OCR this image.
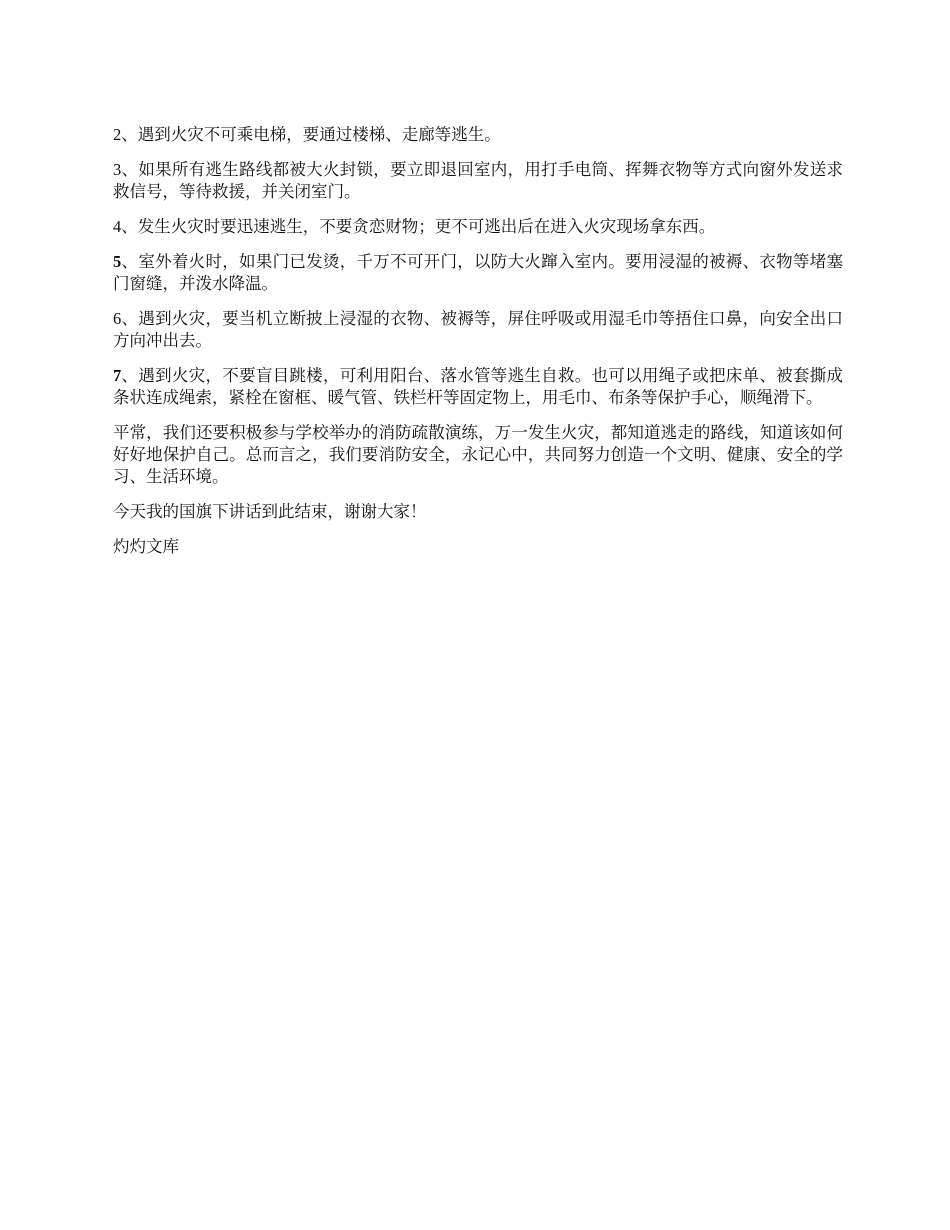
2、遇到火灾不可乘电梯，要通过楼梯、走廊等逃生。

3、如果所有逃生路线都被大火封锁，要立即退回室内，用打手电筒、挥舞衣物等方式向窗外发送求救信号，等待救援，并关闭室门。

4、发生火灾时要迅速逃生，不要贪恋财物；更不可逃出后在进入火灾现场拿东西。

5、室外着火时，如果门已发烫，千万不可开门，以防大火蹿入室内。要用浸湿的被褥、衣物等堵塞门窗缝，并泼水降温。

6、遇到火灾，要当机立断披上浸湿的衣物、被褥等，屏住呼吸或用湿毛巾等捂住口鼻，向安全出口方向冲出去。

7、遇到火灾，不要盲目跳楼，可利用阳台、落水管等逃生自救。也可以用绳子或把床单、被套撕成条状连成绳索，紧栓在窗框、暖气管、铁栏杆等固定物上，用毛巾、布条等保护手心，顺绳滑下。

平常，我们还要积极参与学校举办的消防疏散演练，万一发生火灾，都知道逃走的路线，知道该如何好好地保护自己。总而言之，我们要消防安全，永记心中，共同努力创造一个文明、健康、安全的学习、生活环境。

今天我的国旗下讲话到此结束，谢谢大家！

灼灼文库
